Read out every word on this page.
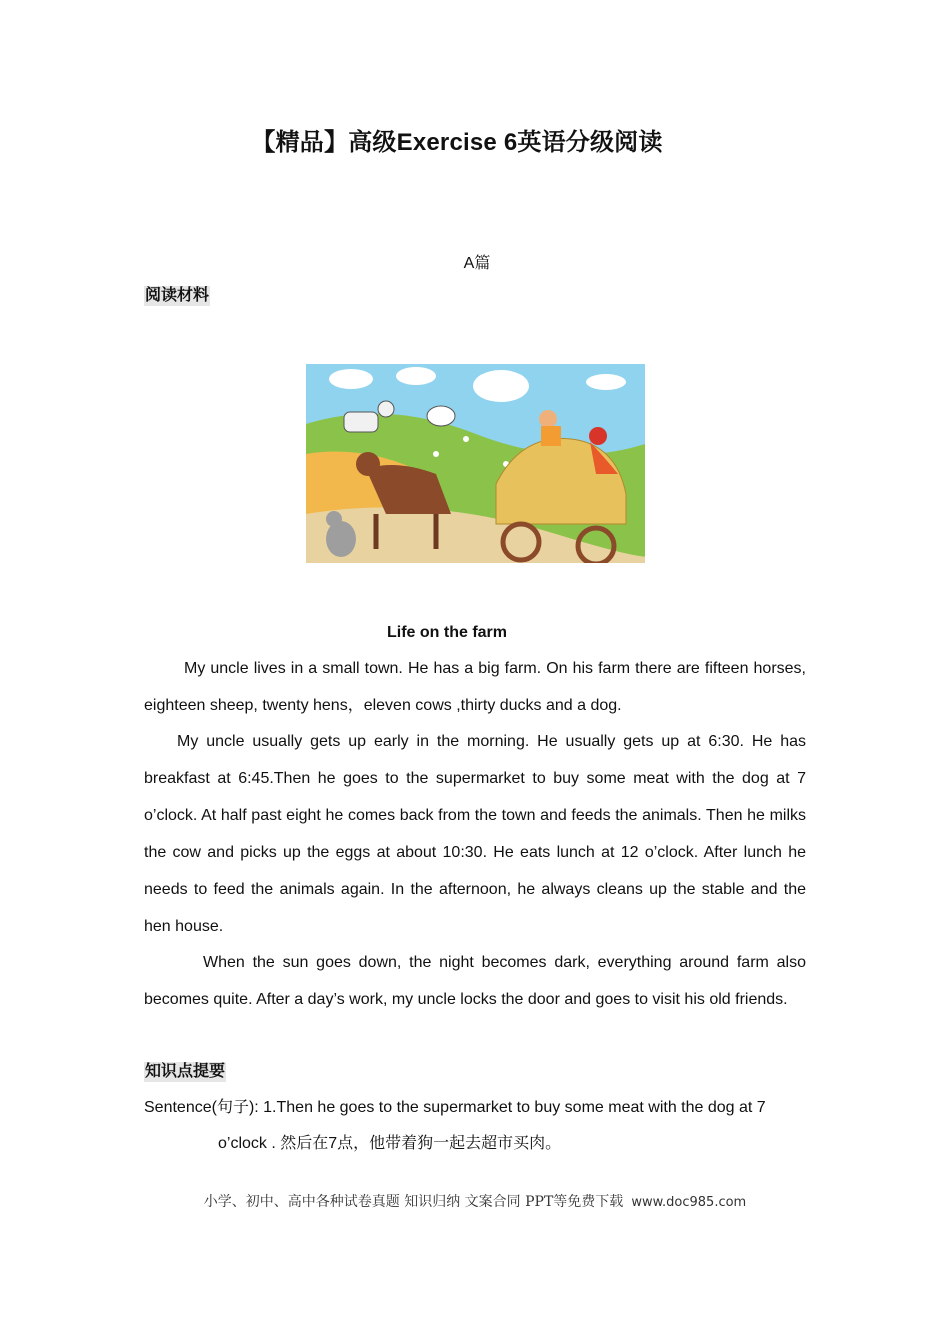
【精品】高级Exercise 6英语分级阅读
A篇
阅读材料
Life on the farm

My uncle lives in a small town. He has a big farm. On his farm there are fifteen horses, eighteen sheep, twenty hens，eleven cows ,thirty ducks and a dog.

My uncle usually gets up early in the morning. He usually gets up at 6:30. He has breakfast at 6:45.Then he goes to the supermarket to buy some meat with the dog at 7 o’clock. At half past eight he comes back from the town and feeds the animals. Then he milks the cow and picks up the eggs at about 10:30. He eats lunch at 12 o’clock. After lunch he needs to feed the animals again. In the afternoon, he always cleans up the stable and the hen house.

When the sun goes down, the night becomes dark, everything around farm also becomes quite. After a day’s work, my uncle locks the door and goes to visit his old friends.

知识点提要
Sentence(句子): 1.Then he goes to the supermarket to buy some meat with the dog at 7
o’clock . 然后在7点，他带着狗一起去超市买肉。
小学、初中、高中各种试卷真题 知识归纳 文案合同 PPT等免费下载 www.doc985.com
